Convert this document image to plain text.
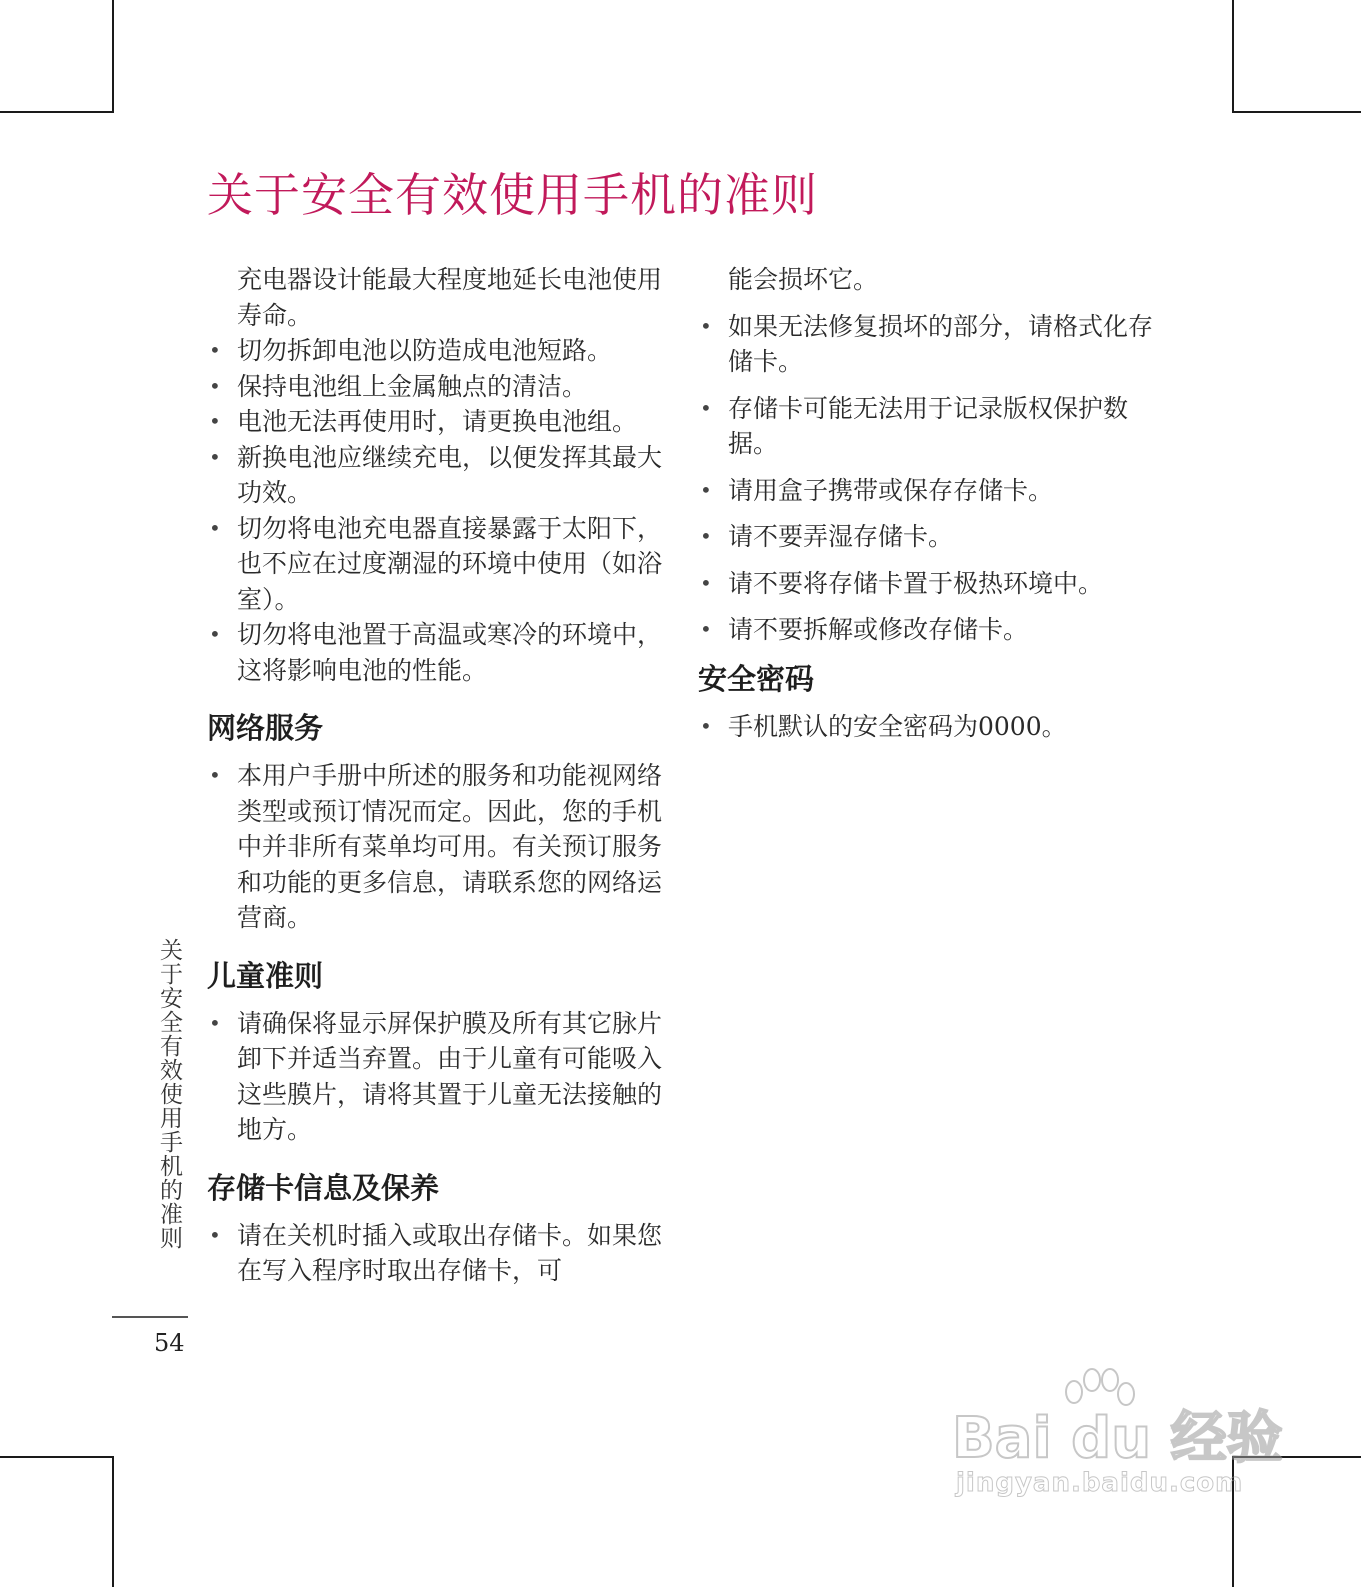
关于安全有效使用手机的准则
充电器设计能最大程度地延长电池使用寿命。
• 切勿拆卸电池以防造成电池短路。
• 保持电池组上金属触点的清洁。
• 电池无法再使用时，请更换电池组。
• 新换电池应继续充电，以便发挥其最大功效。
• 切勿将电池充电器直接暴露于太阳下，也不应在过度潮湿的环境中使用（如浴室）。
• 切勿将电池置于高温或寒冷的环境中，这将影响电池的性能。
网络服务
• 本用户手册中所述的服务和功能视网络类型或预订情况而定。因此，您的手机中并非所有菜单均可用。有关预订服务和功能的更多信息，请联系您的网络运营商。
儿童准则
• 请确保将显示屏保护膜及所有其它脉片卸下并适当弃置。由于儿童有可能吸入这些膜片，请将其置于儿童无法接触的地方。
存储卡信息及保养
• 请在关机时插入或取出存储卡。如果您在写入程序时取出存储卡，可
能会损坏它。
• 如果无法修复损坏的部分，请格式化存储卡。
• 存储卡可能无法用于记录版权保护数据。
• 请用盒子携带或保存存储卡。
• 请不要弄湿存储卡。
• 请不要将存储卡置于极热环境中。
• 请不要拆解或修改存储卡。
安全密码
• 手机默认的安全密码为0000。
关于安全有效使用手机的准则
54
Bai du 经验
jingyan.baidu.com
